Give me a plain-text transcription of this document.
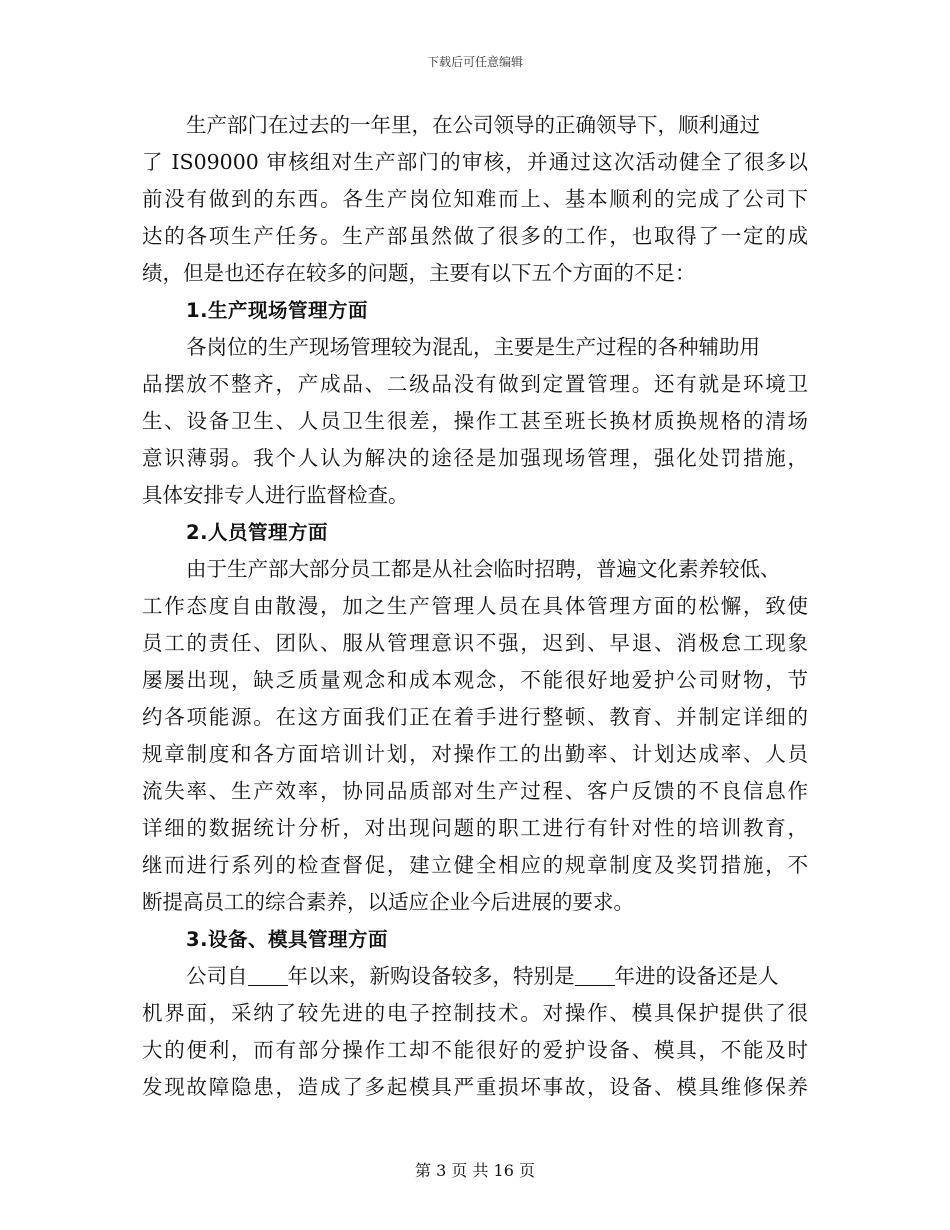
下载后可任意编辑
生产部门在过去的一年里，在公司领导的正确领导下，顺利通过
了 IS09000 审核组对生产部门的审核，并通过这次活动健全了很多以
前没有做到的东西。各生产岗位知难而上、基本顺利的完成了公司下
达的各项生产任务。生产部虽然做了很多的工作，也取得了一定的成
绩，但是也还存在较多的问题，主要有以下五个方面的不足：
1.生产现场管理方面
各岗位的生产现场管理较为混乱，主要是生产过程的各种辅助用
品摆放不整齐，产成品、二级品没有做到定置管理。还有就是环境卫
生、设备卫生、人员卫生很差，操作工甚至班长换材质换规格的清场
意识薄弱。我个人认为解决的途径是加强现场管理，强化处罚措施，
具体安排专人进行监督检查。
2.人员管理方面
由于生产部大部分员工都是从社会临时招聘，普遍文化素养较低、
工作态度自由散漫，加之生产管理人员在具体管理方面的松懈，致使
员工的责任、团队、服从管理意识不强，迟到、早退、消极怠工现象
屡屡出现，缺乏质量观念和成本观念，不能很好地爱护公司财物，节
约各项能源。在这方面我们正在着手进行整顿、教育、并制定详细的
规章制度和各方面培训计划，对操作工的出勤率、计划达成率、人员
流失率、生产效率，协同品质部对生产过程、客户反馈的不良信息作
详细的数据统计分析，对出现问题的职工进行有针对性的培训教育，
继而进行系列的检查督促，建立健全相应的规章制度及奖罚措施，不
断提高员工的综合素养，以适应企业今后进展的要求。
3.设备、模具管理方面
公司自 年以来，新购设备较多，特别是 年进的设备还是人
机界面，采纳了较先进的电子控制技术。对操作、模具保护提供了很
大的便利，而有部分操作工却不能很好的爱护设备、模具，不能及时
发现故障隐患，造成了多起模具严重损坏事故，设备、模具维修保养
第 3 页 共 16 页
